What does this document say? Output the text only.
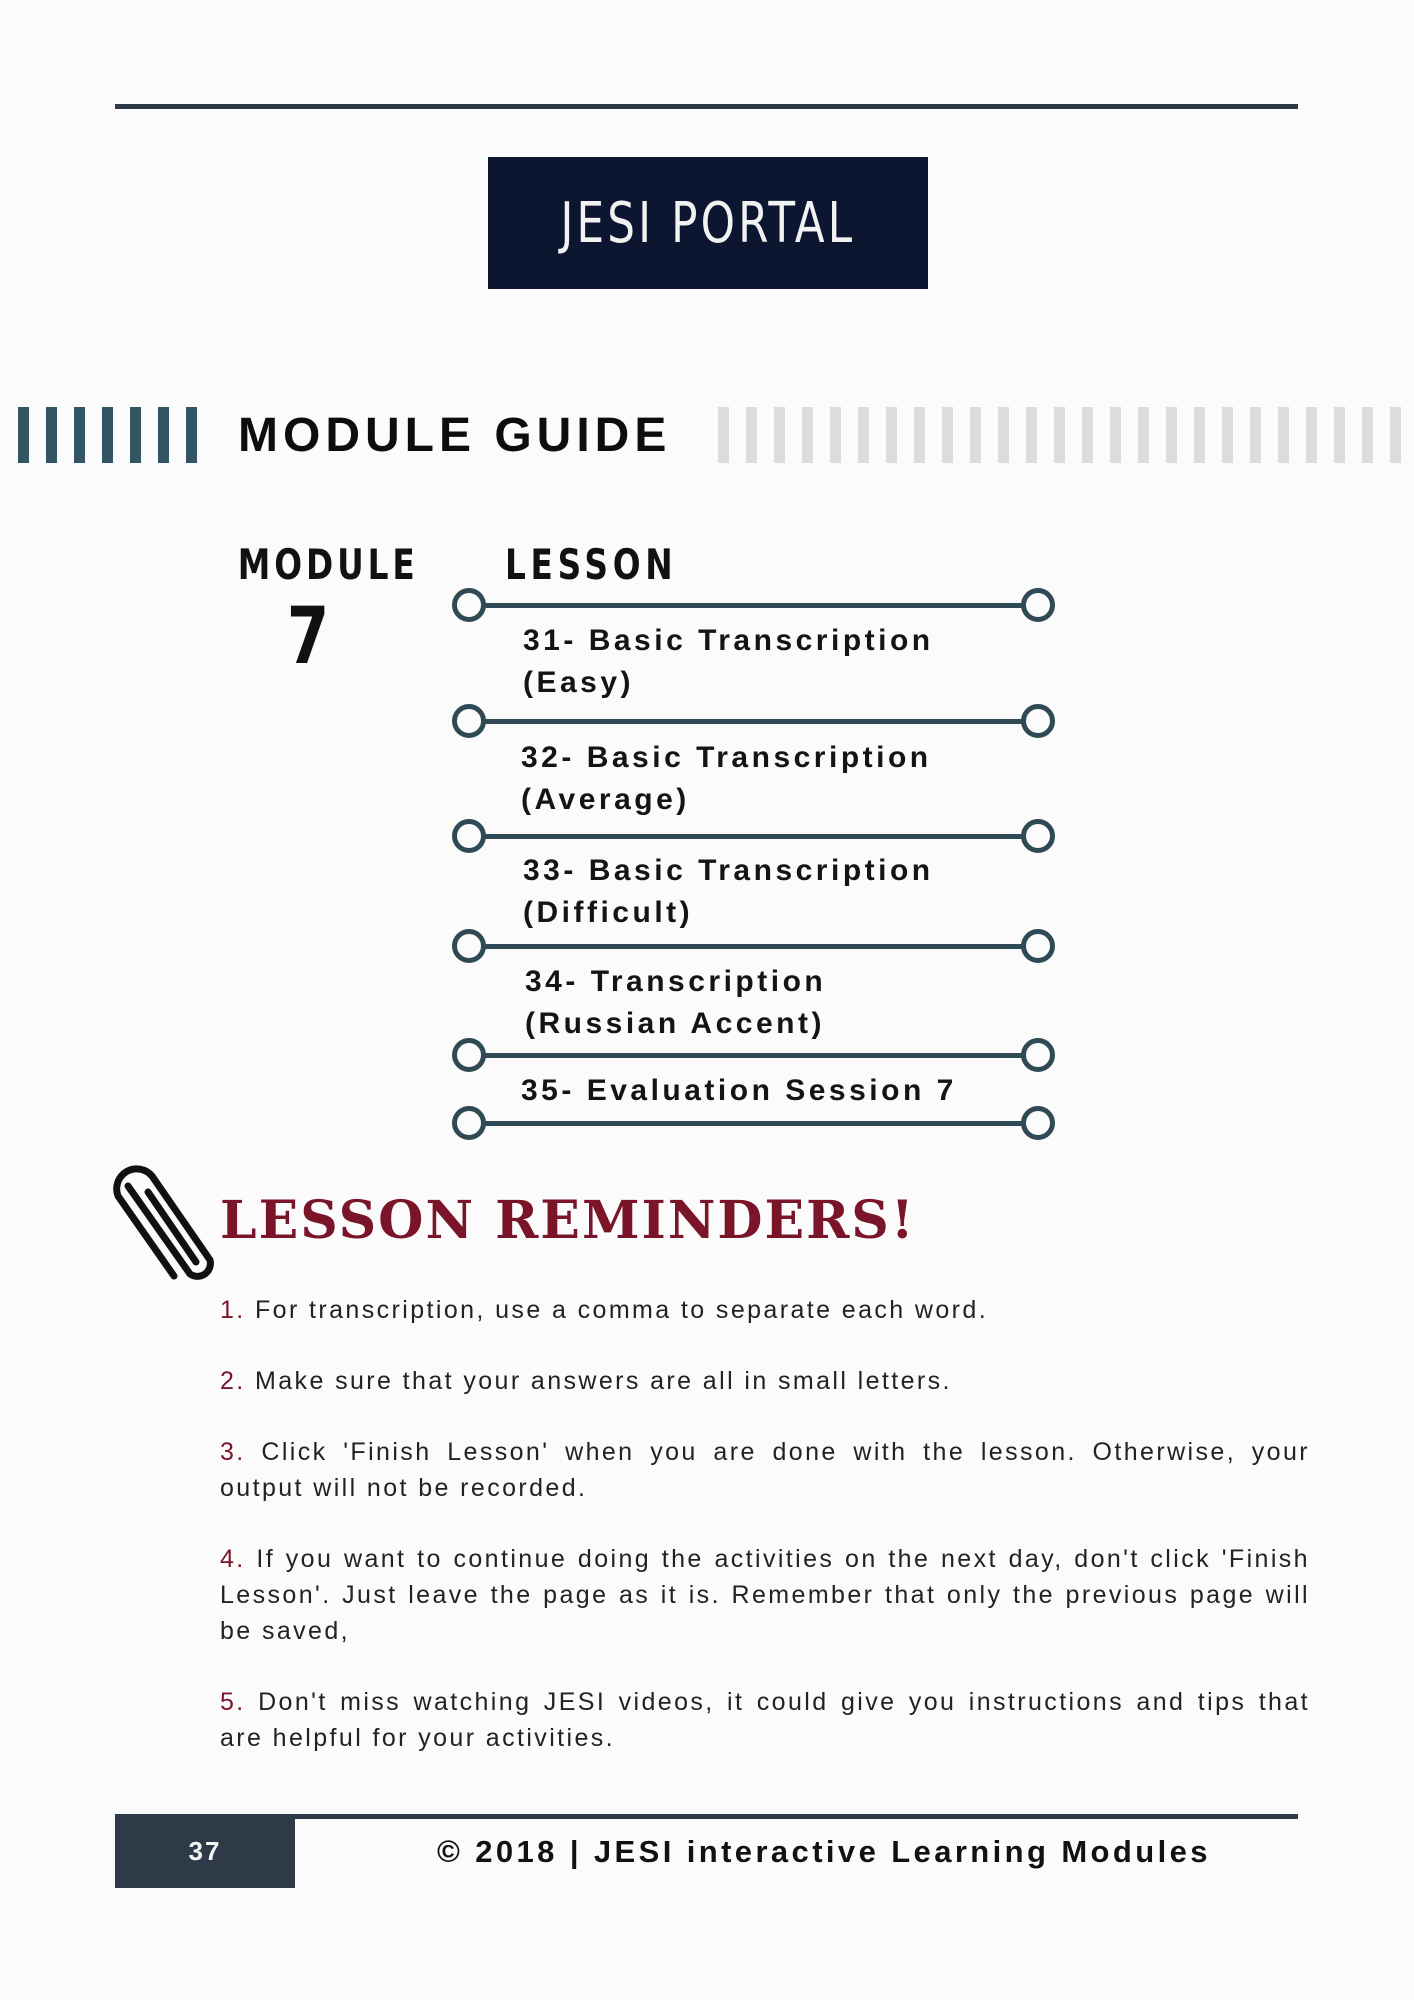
JESI PORTAL
MODULE GUIDE
MODULE
7
LESSON
31- Basic Transcription
(Easy)
32- Basic Transcription
(Average)
33- Basic Transcription
(Difficult)
34- Transcription
(Russian Accent)
35- Evaluation Session 7
LESSON REMINDERS!
1. For transcription, use a comma to separate each word.
2. Make sure that your answers are all in small letters.
3. Click 'Finish Lesson' when you are done with the lesson. Otherwise, your output will not be recorded.
4. If you want to continue doing the activities on the next day, don't click 'Finish Lesson'. Just leave the page as it is. Remember that only the previous page will be saved,
5. Don't miss watching JESI videos, it could give you instructions and tips that are helpful for your activities.
37	© 2018 | JESI interactive Learning Modules
